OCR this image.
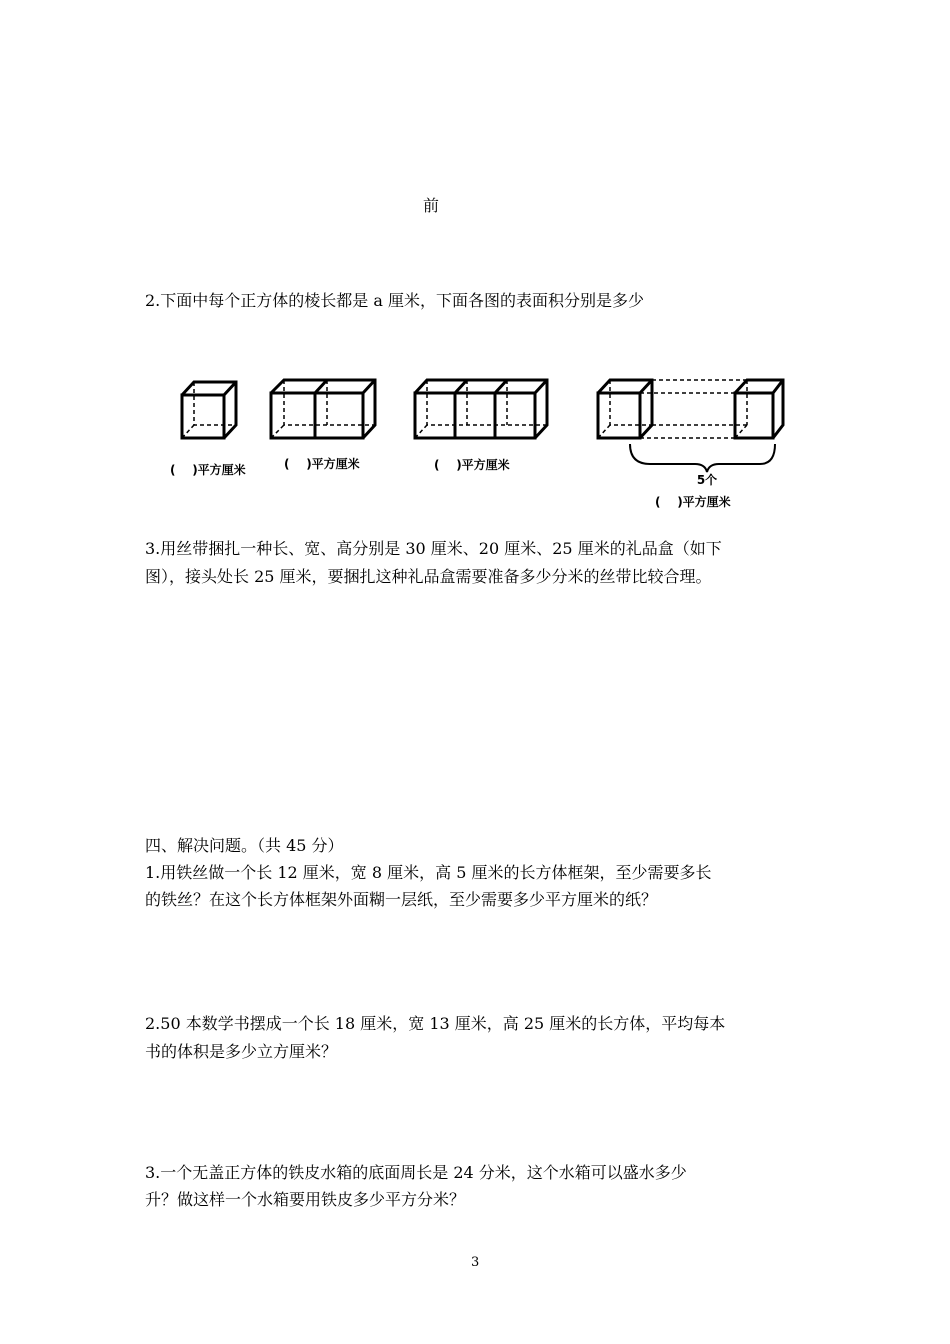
前
2.下面中每个正方体的棱长都是 a 厘米，下面各图的表面积分别是多少
5个
(    )平方厘米	(    )平方厘米	(    )平方厘米
(    )平方厘米
3.用丝带捆扎一种长、宽、高分别是 30 厘米、20 厘米、25 厘米的礼品盒（如下
图），接头处长 25 厘米，要捆扎这种礼品盒需要准备多少分米的丝带比较合理。
四、解决问题。（共 45 分）
1.用铁丝做一个长 12 厘米，宽 8 厘米，高 5 厘米的长方体框架，至少需要多长
的铁丝？在这个长方体框架外面糊一层纸，至少需要多少平方厘米的纸？
2.50 本数学书摆成一个长 18 厘米，宽 13 厘米，高 25 厘米的长方体，平均每本
书的体积是多少立方厘米？
3.一个无盖正方体的铁皮水箱的底面周长是 24 分米，这个水箱可以盛水多少
升？做这样一个水箱要用铁皮多少平方分米？
3
